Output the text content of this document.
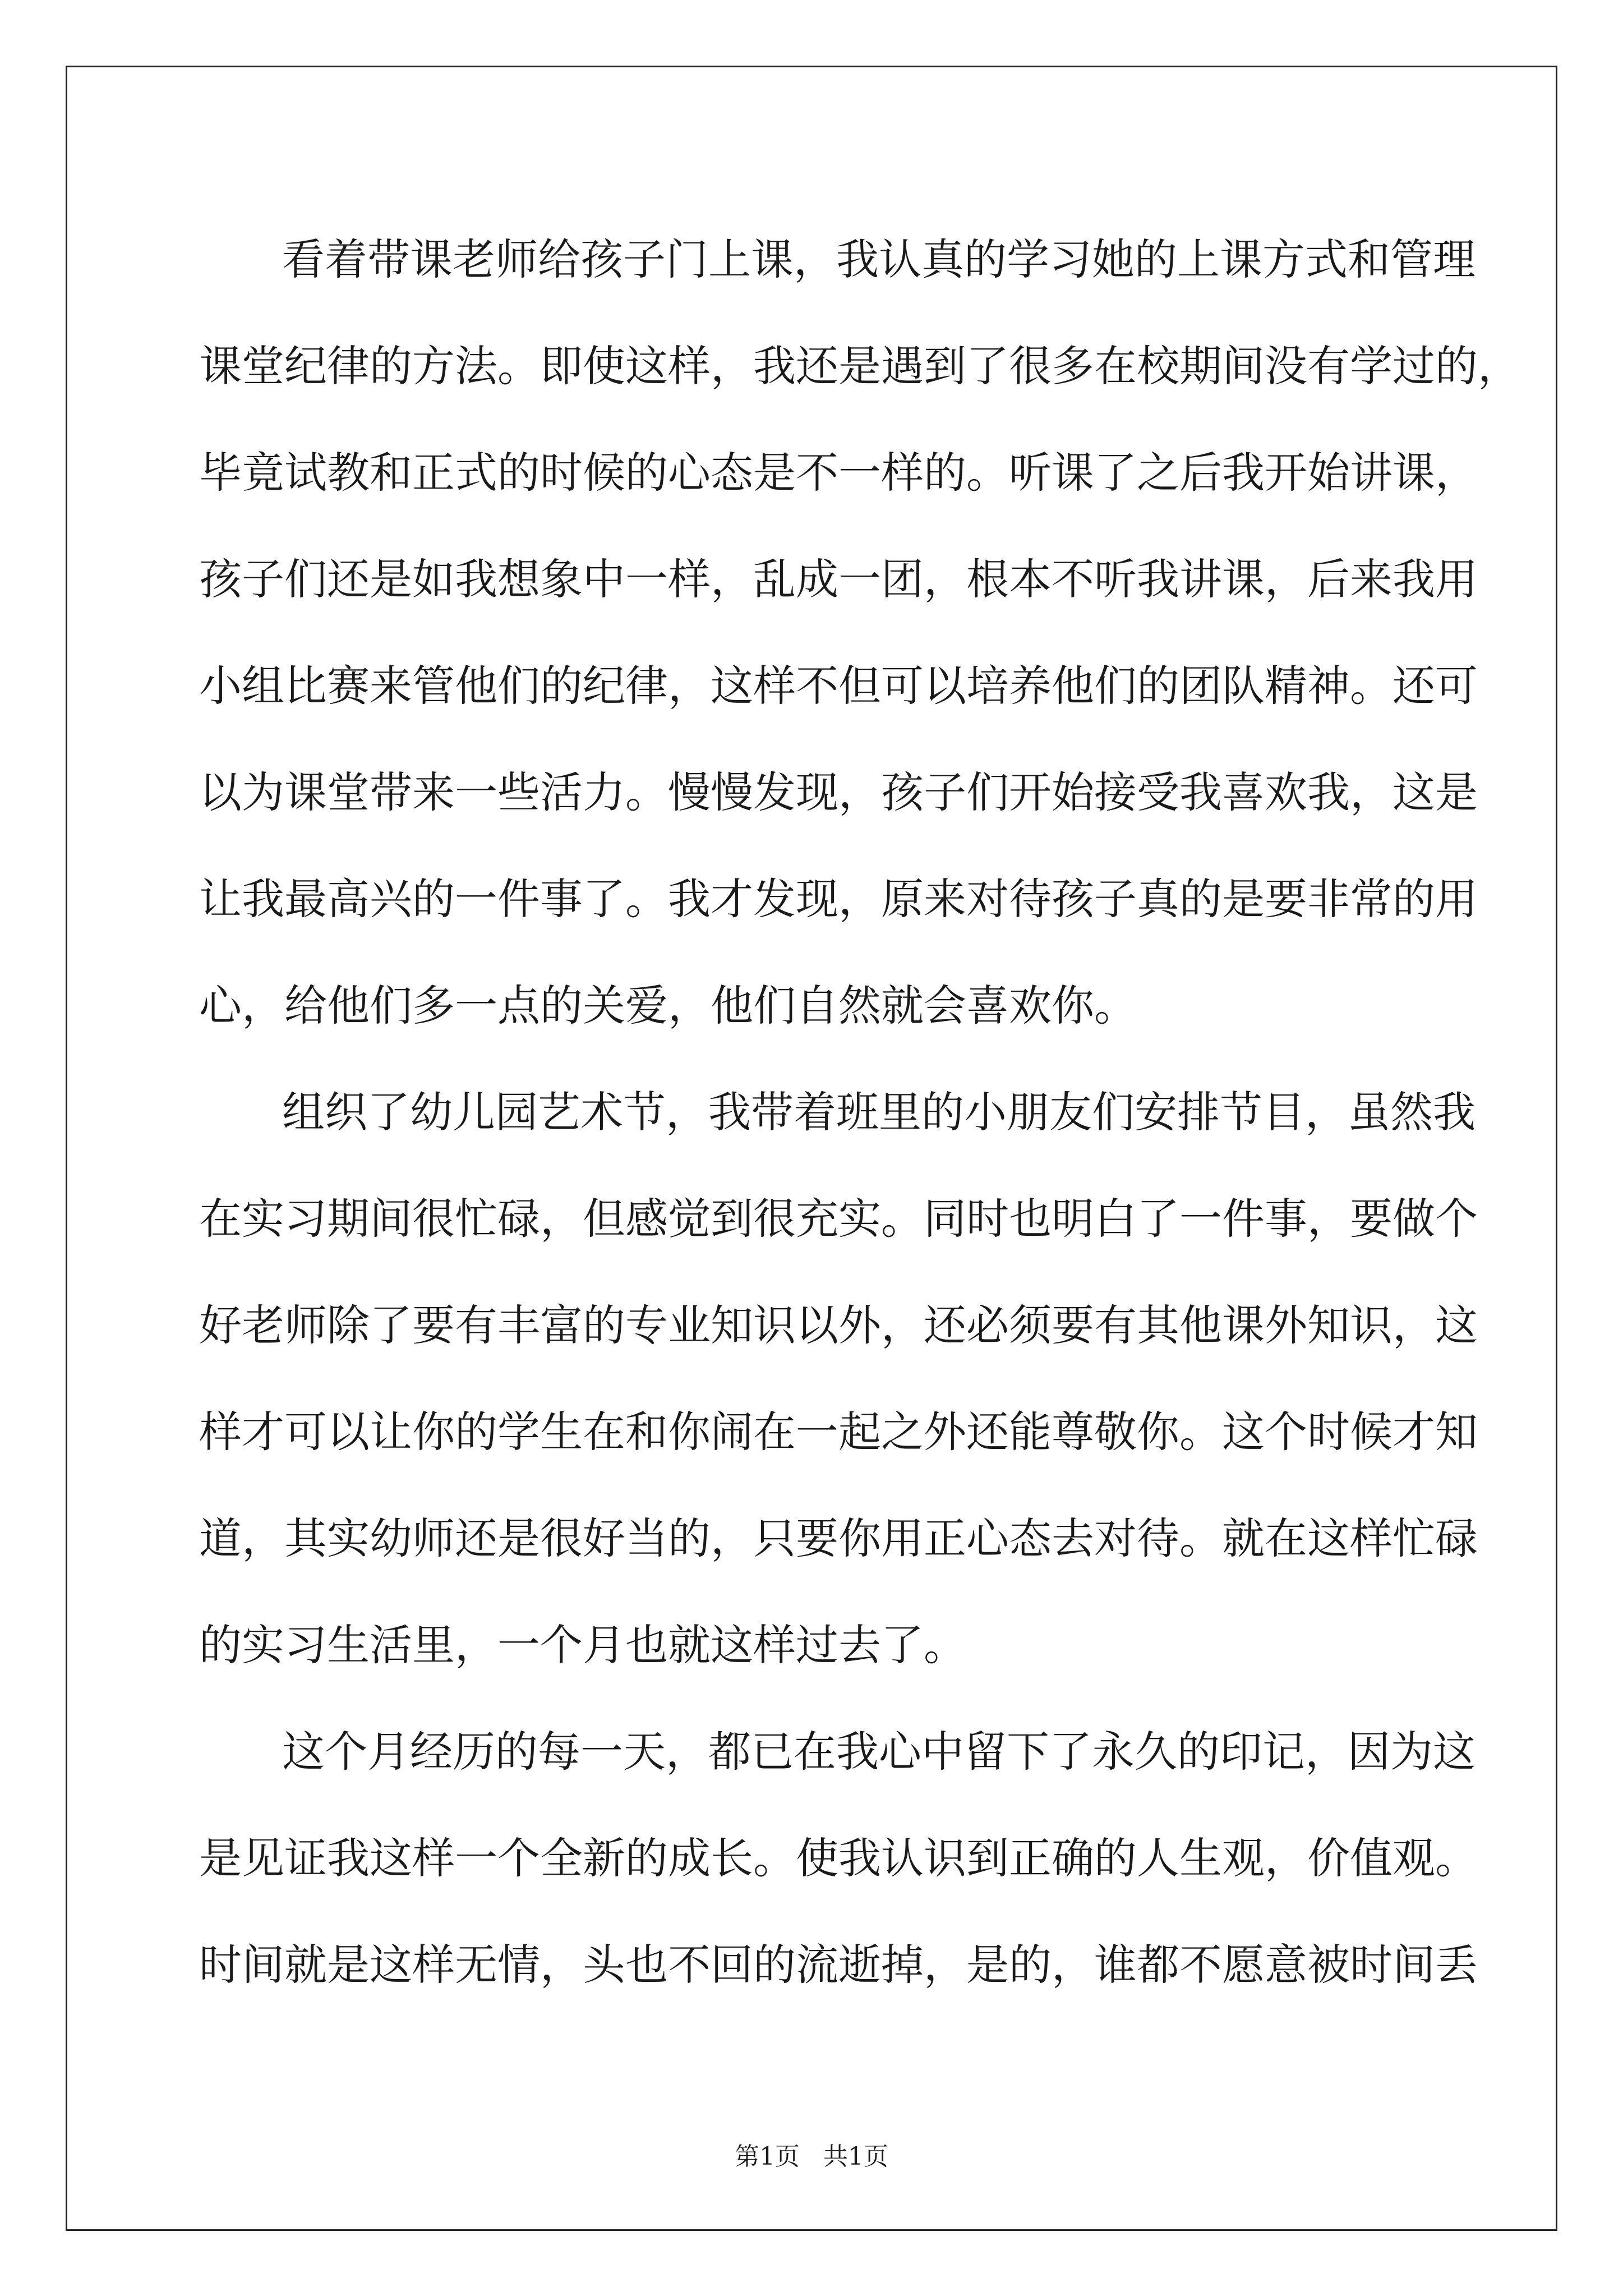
看着带课老师给孩子门上课，我认真的学习她的上课方式和管理
课堂纪律的方法。即使这样，我还是遇到了很多在校期间没有学过的，
毕竟试教和正式的时候的心态是不一样的。听课了之后我开始讲课，
孩子们还是如我想象中一样，乱成一团，根本不听我讲课，后来我用
小组比赛来管他们的纪律，这样不但可以培养他们的团队精神。还可
以为课堂带来一些活力。慢慢发现，孩子们开始接受我喜欢我，这是
让我最高兴的一件事了。我才发现，原来对待孩子真的是要非常的用
心，给他们多一点的关爱，他们自然就会喜欢你。
组织了幼儿园艺术节，我带着班里的小朋友们安排节目，虽然我
在实习期间很忙碌，但感觉到很充实。同时也明白了一件事，要做个
好老师除了要有丰富的专业知识以外，还必须要有其他课外知识，这
样才可以让你的学生在和你闹在一起之外还能尊敬你。这个时候才知
道，其实幼师还是很好当的，只要你用正心态去对待。就在这样忙碌
的实习生活里，一个月也就这样过去了。
这个月经历的每一天，都已在我心中留下了永久的印记，因为这
是见证我这样一个全新的成长。使我认识到正确的人生观，价值观。
时间就是这样无情，头也不回的流逝掉，是的，谁都不愿意被时间丢
第1页   共1页
